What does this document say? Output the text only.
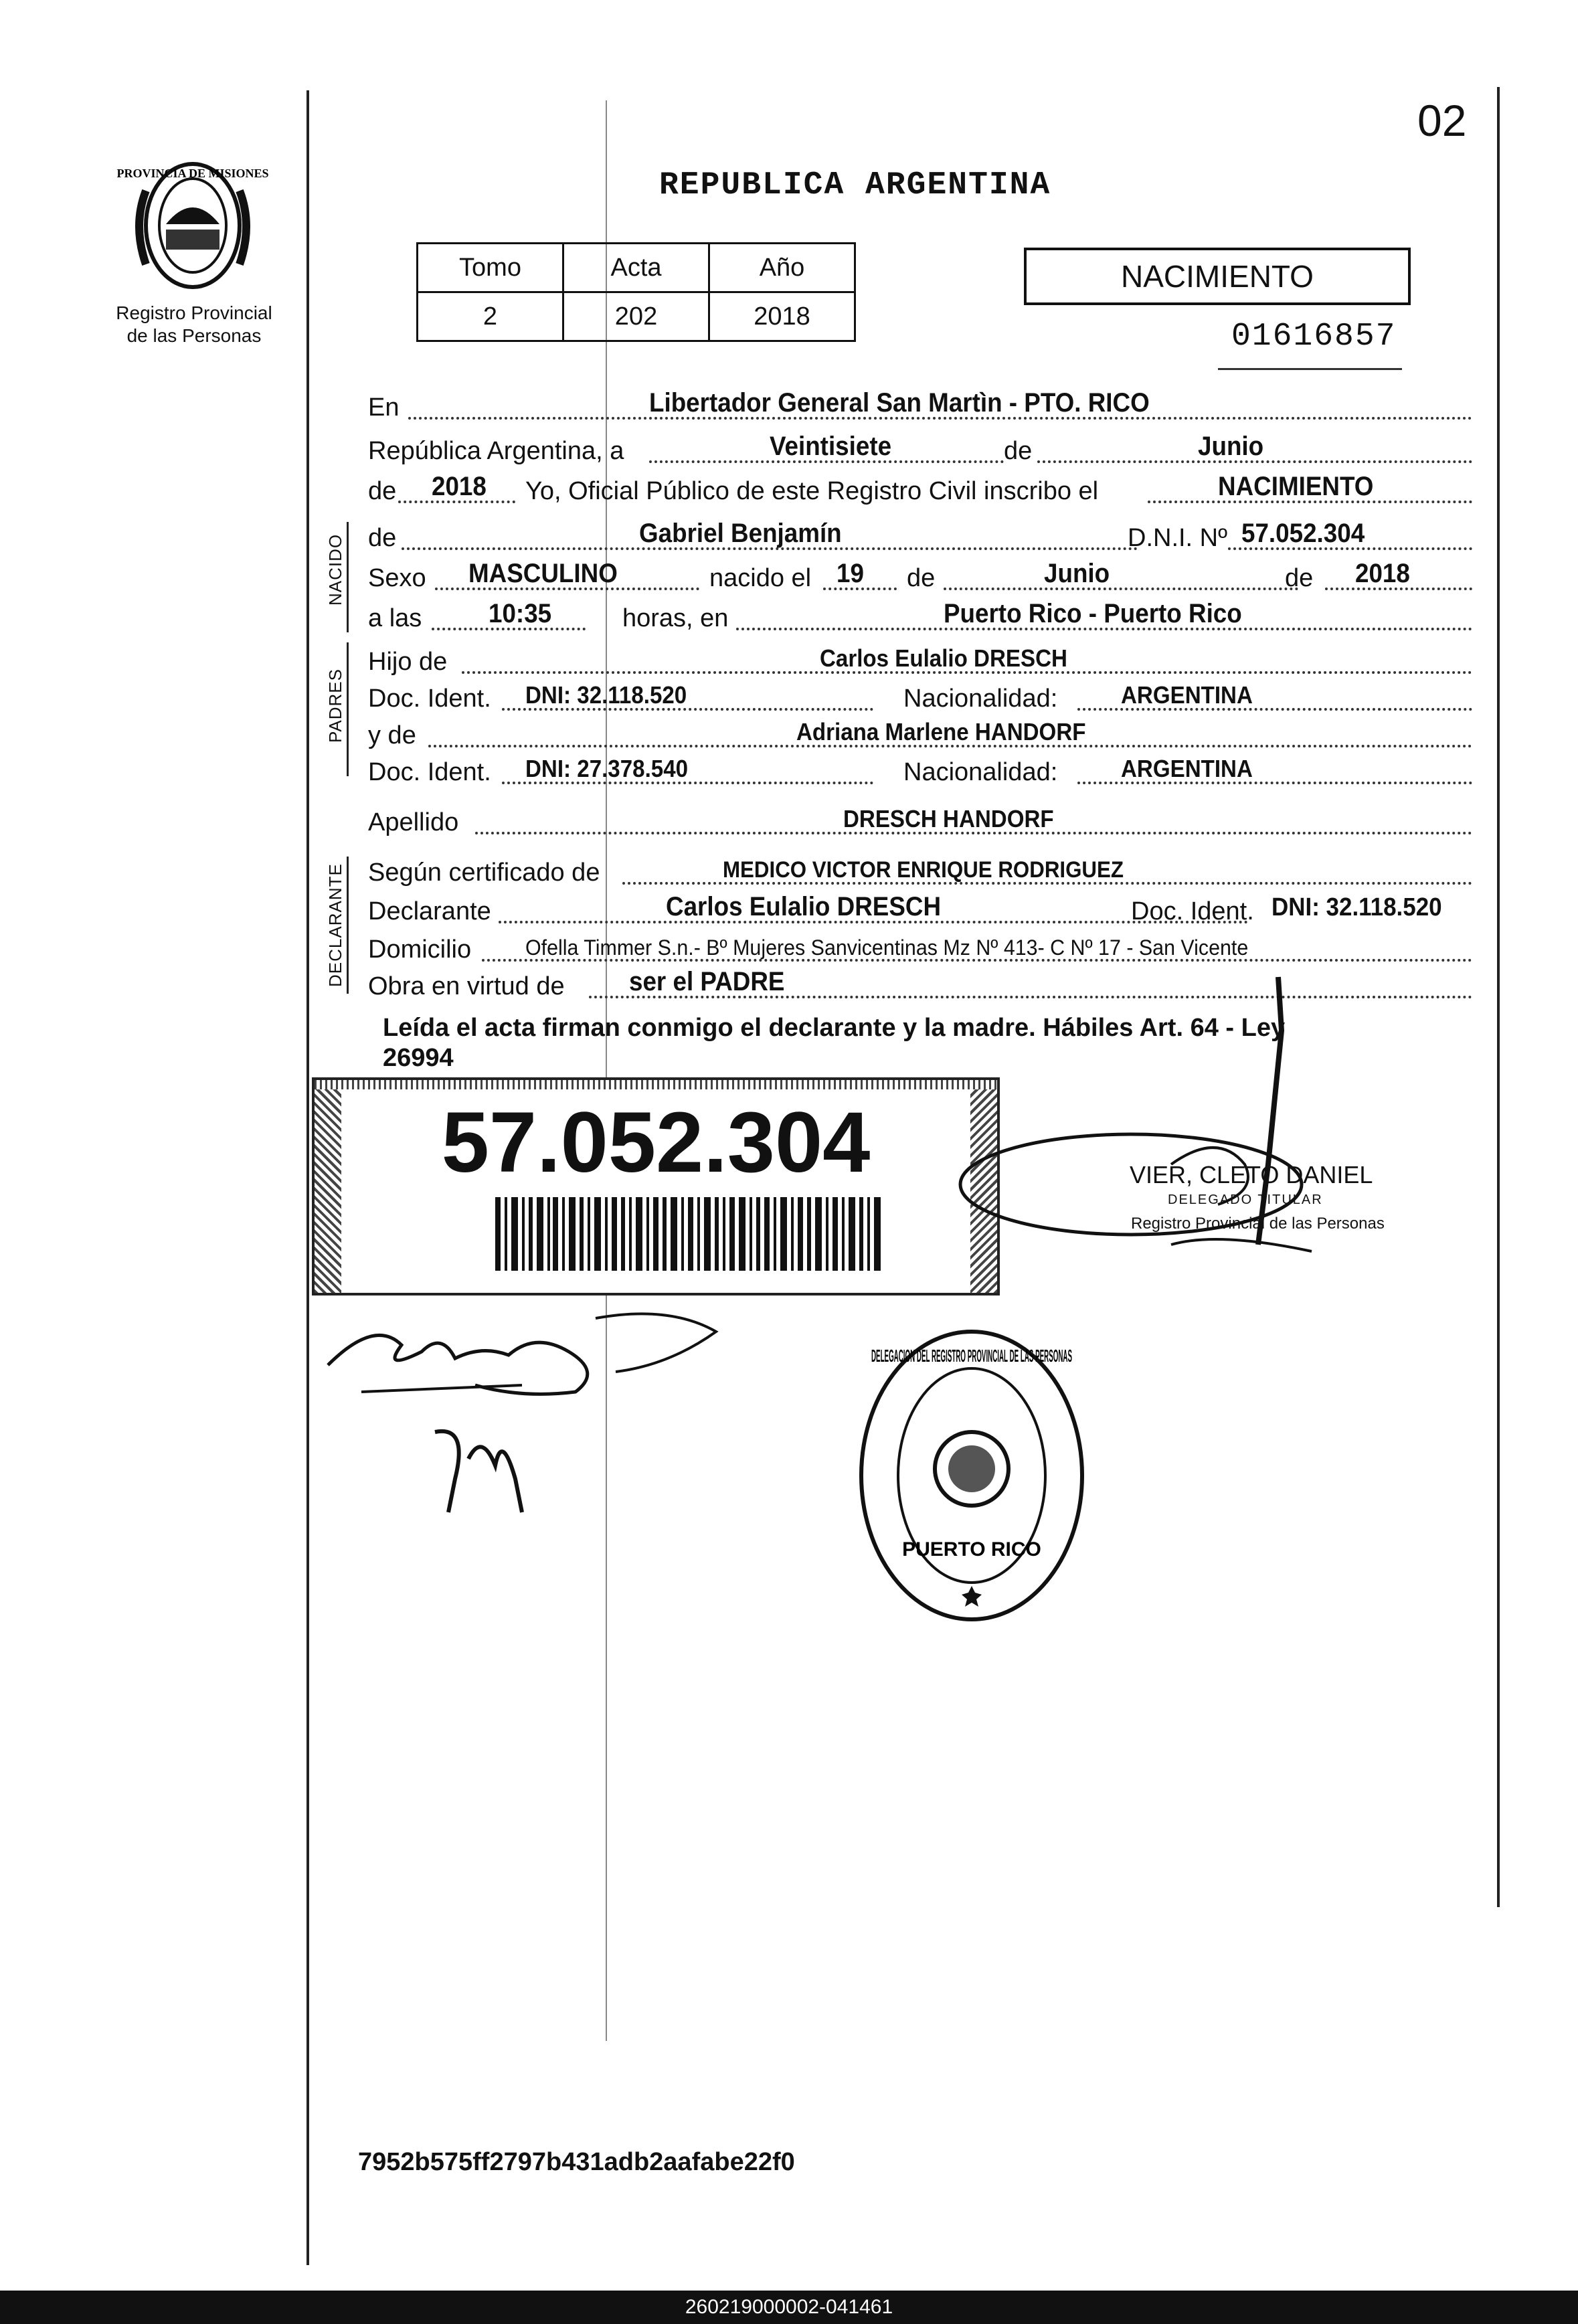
02
PROVINCIA DE MISIONES
Registro Provincial
de las Personas
REPUBLICA ARGENTINA
Tomo	Acta	Año
2	202	2018
NACIMIENTO
01616857
En	Libertador General San Martìn - PTO. RICO
República Argentina, a	Veintisiete	de	Junio
de 2018 Yo, Oficial Público de este Registro Civil inscribo el	NACIMIENTO
NACIDO de	Gabriel Benjamín	D.N.I. Nº 57.052.304
Sexo MASCULINO	nacido el 19 de	Junio	de 2018
a las 10:35	horas, en	Puerto Rico - Puerto Rico
PADRES
Hijo de	Carlos Eulalio DRESCH
Doc. Ident. DNI: 32.118.520	Nacionalidad:	ARGENTINA
y de	Adriana Marlene HANDORF
Doc. Ident. DNI: 27.378.540	Nacionalidad:	ARGENTINA
Apellido	DRESCH HANDORF
DECLARANTE Según certificado de	MEDICO VICTOR ENRIQUE RODRIGUEZ
Declarante	Carlos Eulalio DRESCH	Doc. Ident. DNI: 32.118.520
Domicilio	Ofella Timmer S.n.- Bº Mujeres Sanvicentinas Mz Nº 413- C Nº 17 - San Vicente
Obra en virtud de ser el PADRE
Leída el acta firman conmigo el declarante y la madre. Hábiles Art. 64 - Ley
26994
57.052.304	VIER, CLETO DANIEL
DELEGADO TITULAR
Registro Provincial de las Personas
DELEGACION DEL REGISTRO PROVINCIAL DE LAS PERSONAS
PUERTO RICO
7952b575ff2797b431adb2aafabe22f0
260219000002-041461
